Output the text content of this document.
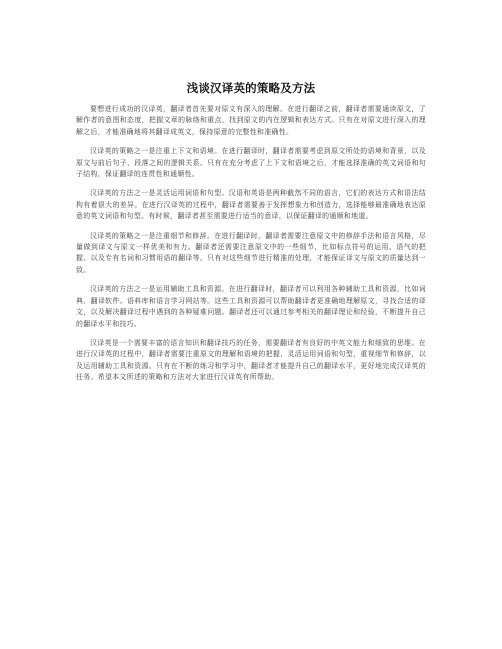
浅谈汉译英的策略及方法

要想进行成功的汉译英，翻译者首先要对原文有深入的理解。在进行翻译之前，翻译者需要通读原文，了解作者的意图和态度，把握文章的脉络和重点，找到原文的内在逻辑和表达方式。只有在对原文进行深入的理解之后，才能准确地将其翻译成英文，保持原意的完整性和准确性。

汉译英的策略之一是注重上下文和语境。在进行翻译时，翻译者需要考虑到原文所处的语境和背景，以及原文与前后句子、段落之间的逻辑关系。只有在充分考虑了上下文和语境之后，才能选择准确的英文词语和句子结构，保证翻译的连贯性和通顺性。

汉译英的方法之一是灵活运用词语和句型。汉语和英语是两种截然不同的语言，它们的表达方式和语法结构有着很大的差异。在进行汉译英的过程中，翻译者需要善于发挥想象力和创造力，选择能够最准确地表达原意的英文词语和句型。有时候，翻译者甚至需要进行适当的意译，以保证翻译的通顺和地道。

汉译英的策略之一是注重细节和修辞。在进行翻译时，翻译者需要注意原文中的修辞手法和语言风格，尽量做到译文与原文一样优美和有力。翻译者还需要注意原文中的一些细节，比如标点符号的运用、语气的把握、以及专有名词和习惯用语的翻译等。只有对这些细节进行精准的处理，才能保证译文与原文的质量达到一致。

汉译英的方法之一是运用辅助工具和资源。在进行翻译时，翻译者可以利用各种辅助工具和资源，比如词典、翻译软件、语料库和语言学习网站等。这些工具和资源可以帮助翻译者更准确地理解原文，寻找合适的译文，以及解决翻译过程中遇到的各种疑难问题。翻译者还可以通过参考相关的翻译理论和经验，不断提升自己的翻译水平和技巧。

汉译英是一个需要丰富的语言知识和翻译技巧的任务，需要翻译者有良好的中英文能力和细致的思维。在进行汉译英的过程中，翻译者需要注重原文的理解和语境的把握，灵活运用词语和句型，重视细节和修辞，以及运用辅助工具和资源。只有在不断的练习和学习中，翻译者才能提升自己的翻译水平，更好地完成汉译英的任务。希望本文所述的策略和方法对大家进行汉译英有所帮助。
